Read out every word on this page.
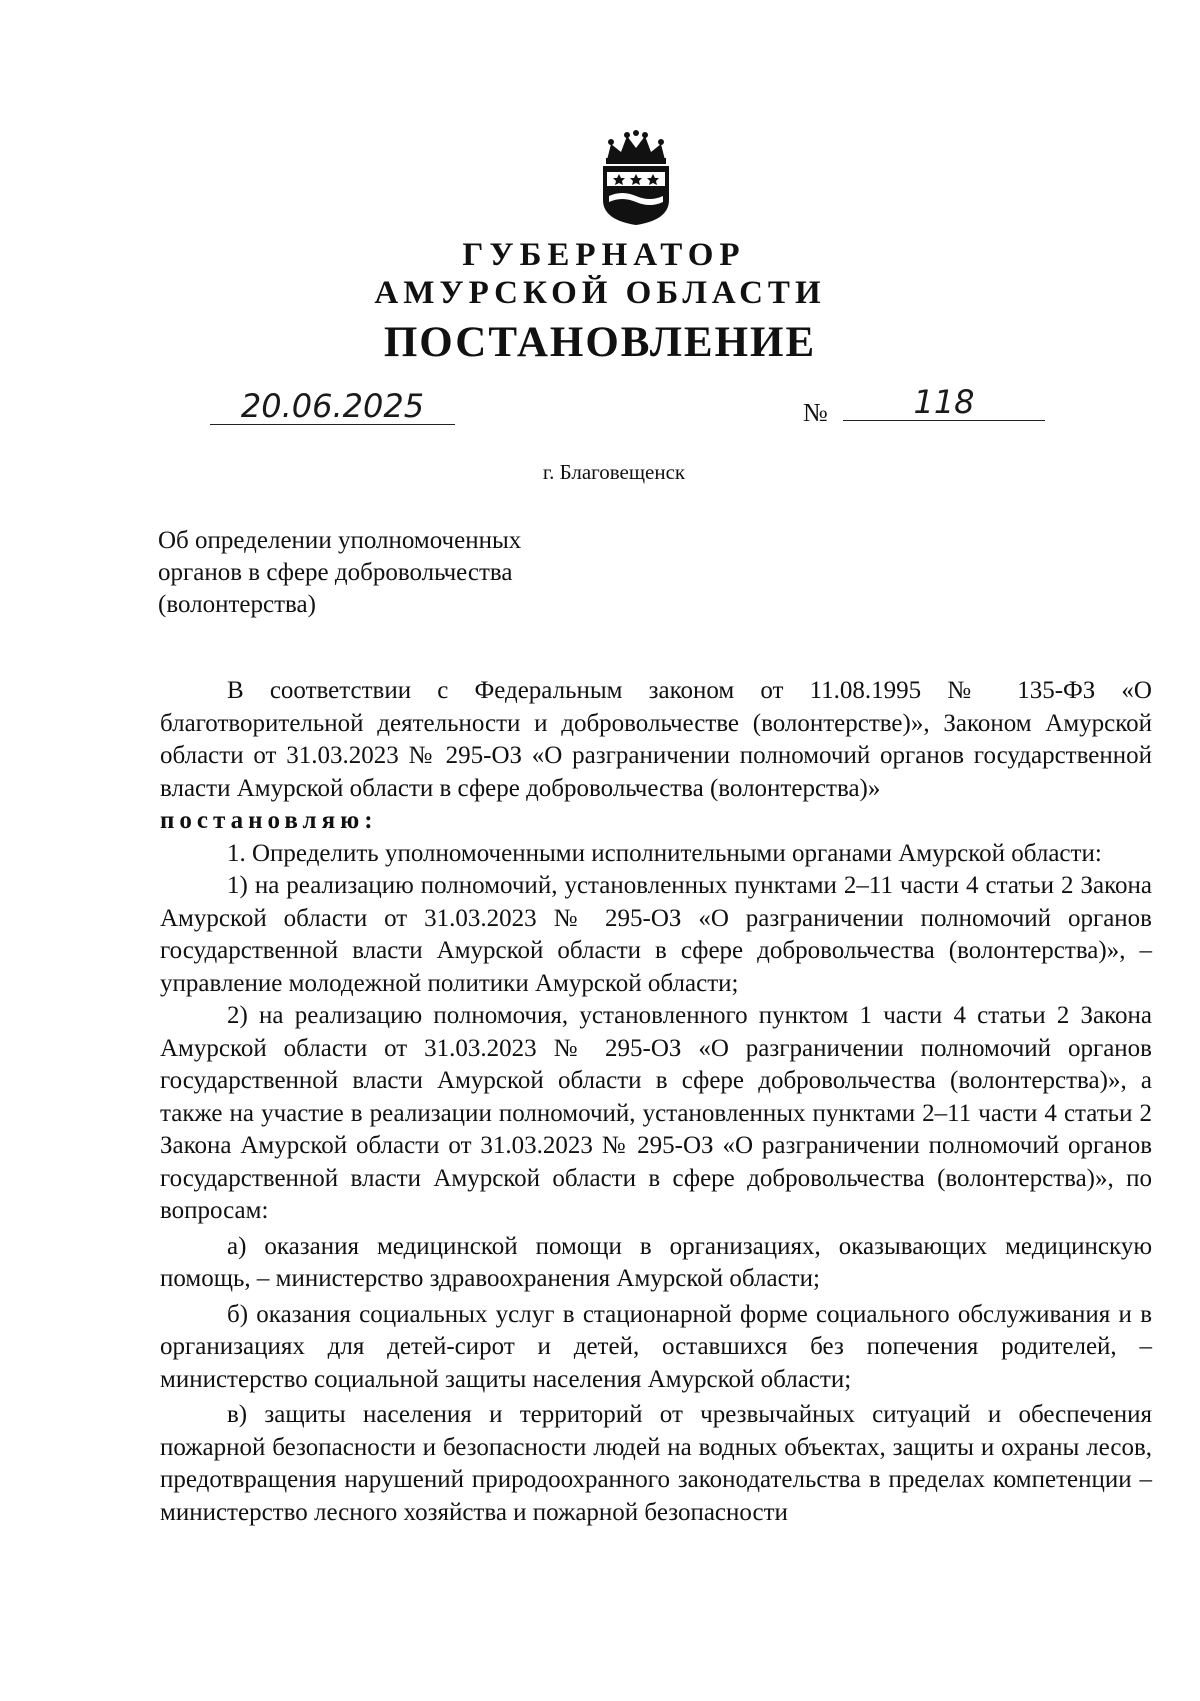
ГУБЕРНАТОР

АМУРСКОЙ ОБЛАСТИ

ПОСТАНОВЛЕНИЕ

20.06.2025	№	118
г. Благовещенск
Об определении уполномоченных
органов в сфере добровольчества
(волонтерства)

В соответствии с Федеральным законом от 11.08.1995 № 135-ФЗ «О благотворительной деятельности и добровольчестве (волонтерстве)», Законом Амурской области от 31.03.2023 № 295-ОЗ «О разграничении полномочий органов государственной власти Амурской области в сфере добровольчества (волонтерства)»

постановляю:

1. Определить уполномоченными исполнительными органами Амурской области:

1) на реализацию полномочий, установленных пунктами 2–11 части 4 статьи 2 Закона Амурской области от 31.03.2023 № 295-ОЗ «О разграничении полномочий органов государственной власти Амурской области в сфере добровольчества (волонтерства)», – управление молодежной политики Амурской области;

2) на реализацию полномочия, установленного пунктом 1 части 4 статьи 2 Закона Амурской области от 31.03.2023 № 295-ОЗ «О разграничении полномочий органов государственной власти Амурской области в сфере добровольчества (волонтерства)», а также на участие в реализации полномочий, установленных пунктами 2–11 части 4 статьи 2 Закона Амурской области от 31.03.2023 № 295-ОЗ «О разграничении полномочий органов государственной власти Амурской области в сфере добровольчества (волонтерства)», по вопросам:

а) оказания медицинской помощи в организациях, оказывающих медицинскую помощь, – министерство здравоохранения Амурской области;

б) оказания социальных услуг в стационарной форме социального обслуживания и в организациях для детей-сирот и детей, оставшихся без попечения родителей, – министерство социальной защиты населения Амурской области;

в) защиты населения и территорий от чрезвычайных ситуаций и обеспечения пожарной безопасности и безопасности людей на водных объектах, защиты и охраны лесов, предотвращения нарушений природоохранного законодательства в пределах компетенции – министерство лесного хозяйства и пожарной безопасности
